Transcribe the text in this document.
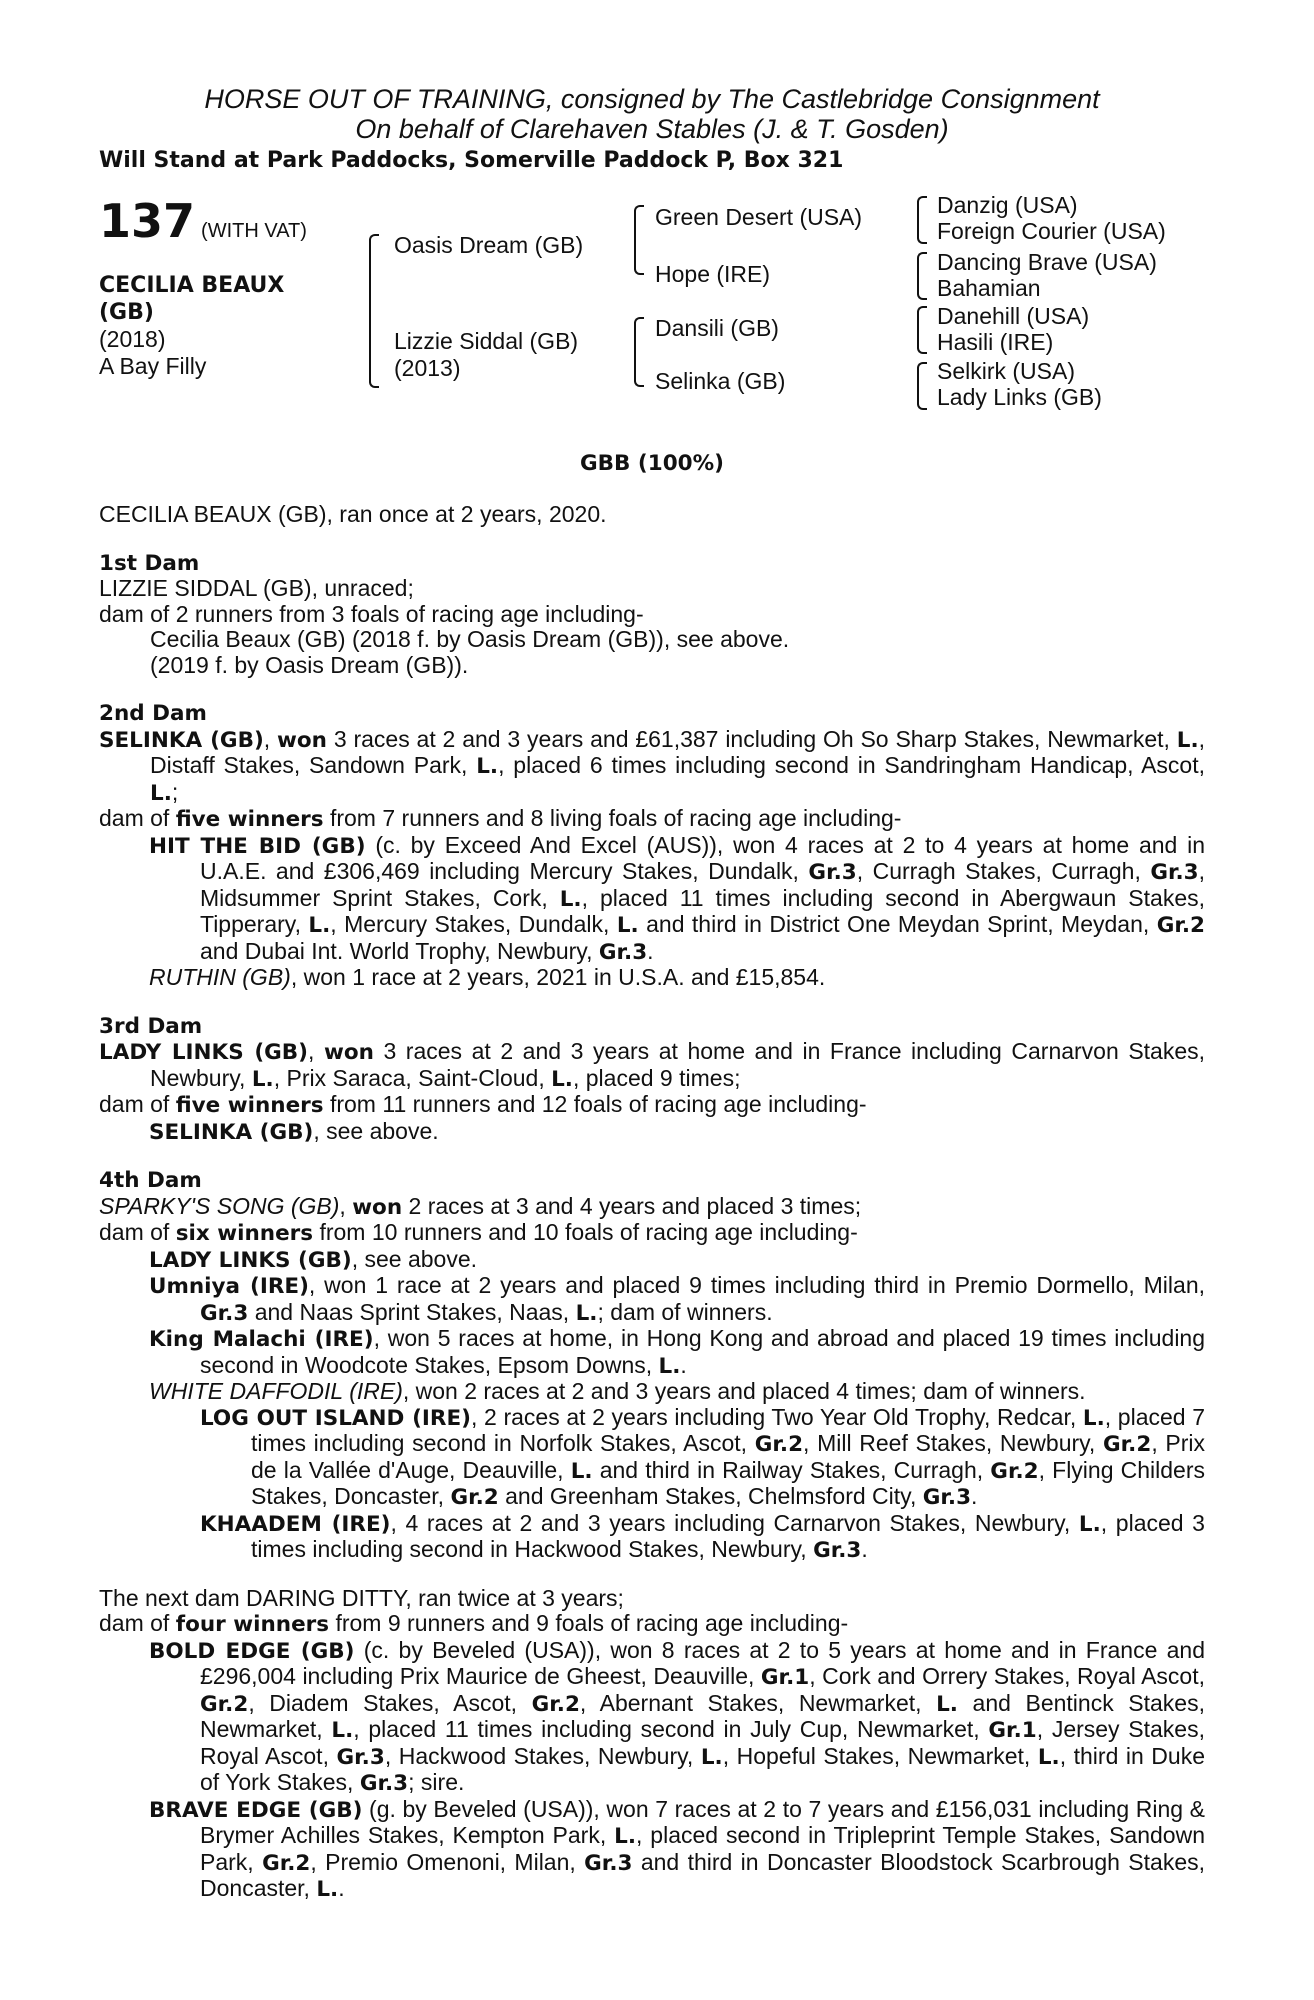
HORSE OUT OF TRAINING, consigned by The Castlebridge Consignment
On behalf of Clarehaven Stables (J. & T. Gosden)
Will Stand at Park Paddocks, Somerville Paddock P, Box 321
137 (WITH VAT)
CECILIA BEAUX
(GB)
(2018)
A Bay Filly
Oasis Dream (GB)
Lizzie Siddal (GB)
(2013)
Green Desert (USA)
Hope (IRE)
Dansili (GB)
Selinka (GB)
Danzig (USA)
Foreign Courier (USA)
Dancing Brave (USA)
Bahamian
Danehill (USA)
Hasili (IRE)
Selkirk (USA)
Lady Links (GB)
GBB (100%)
CECILIA BEAUX (GB), ran once at 2 years, 2020.
1st Dam
LIZZIE SIDDAL (GB), unraced;
dam of 2 runners from 3 foals of racing age including-
Cecilia Beaux (GB) (2018 f. by Oasis Dream (GB)), see above.
(2019 f. by Oasis Dream (GB)).
2nd Dam
SELINKA (GB), won 3 races at 2 and 3 years and £61,387 including Oh So Sharp Stakes, Newmarket, L., Distaff Stakes, Sandown Park, L., placed 6 times including second in Sandringham Handicap, Ascot, L.;
dam of five winners from 7 runners and 8 living foals of racing age including-
HIT THE BID (GB) (c. by Exceed And Excel (AUS)), won 4 races at 2 to 4 years at home and in U.A.E. and £306,469 including Mercury Stakes, Dundalk, Gr.3, Curragh Stakes, Curragh, Gr.3, Midsummer Sprint Stakes, Cork, L., placed 11 times including second in Abergwaun Stakes, Tipperary, L., Mercury Stakes, Dundalk, L. and third in District One Meydan Sprint, Meydan, Gr.2 and Dubai Int. World Trophy, Newbury, Gr.3.
RUTHIN (GB), won 1 race at 2 years, 2021 in U.S.A. and £15,854.
3rd Dam
LADY LINKS (GB), won 3 races at 2 and 3 years at home and in France including Carnarvon Stakes, Newbury, L., Prix Saraca, Saint-Cloud, L., placed 9 times;
dam of five winners from 11 runners and 12 foals of racing age including-
SELINKA (GB), see above.
4th Dam
SPARKY'S SONG (GB), won 2 races at 3 and 4 years and placed 3 times;
dam of six winners from 10 runners and 10 foals of racing age including-
LADY LINKS (GB), see above.
Umniya (IRE), won 1 race at 2 years and placed 9 times including third in Premio Dormello, Milan, Gr.3 and Naas Sprint Stakes, Naas, L.; dam of winners.
King Malachi (IRE), won 5 races at home, in Hong Kong and abroad and placed 19 times including second in Woodcote Stakes, Epsom Downs, L..
WHITE DAFFODIL (IRE), won 2 races at 2 and 3 years and placed 4 times; dam of winners.
LOG OUT ISLAND (IRE), 2 races at 2 years including Two Year Old Trophy, Redcar, L., placed 7 times including second in Norfolk Stakes, Ascot, Gr.2, Mill Reef Stakes, Newbury, Gr.2, Prix de la Vallée d'Auge, Deauville, L. and third in Railway Stakes, Curragh, Gr.2, Flying Childers Stakes, Doncaster, Gr.2 and Greenham Stakes, Chelmsford City, Gr.3.
KHAADEM (IRE), 4 races at 2 and 3 years including Carnarvon Stakes, Newbury, L., placed 3 times including second in Hackwood Stakes, Newbury, Gr.3.
The next dam DARING DITTY, ran twice at 3 years;
dam of four winners from 9 runners and 9 foals of racing age including-
BOLD EDGE (GB) (c. by Beveled (USA)), won 8 races at 2 to 5 years at home and in France and £296,004 including Prix Maurice de Gheest, Deauville, Gr.1, Cork and Orrery Stakes, Royal Ascot, Gr.2, Diadem Stakes, Ascot, Gr.2, Abernant Stakes, Newmarket, L. and Bentinck Stakes, Newmarket, L., placed 11 times including second in July Cup, Newmarket, Gr.1, Jersey Stakes, Royal Ascot, Gr.3, Hackwood Stakes, Newbury, L., Hopeful Stakes, Newmarket, L., third in Duke of York Stakes, Gr.3; sire.
BRAVE EDGE (GB) (g. by Beveled (USA)), won 7 races at 2 to 7 years and £156,031 including Ring & Brymer Achilles Stakes, Kempton Park, L., placed second in Tripleprint Temple Stakes, Sandown Park, Gr.2, Premio Omenoni, Milan, Gr.3 and third in Doncaster Bloodstock Scarbrough Stakes, Doncaster, L..
